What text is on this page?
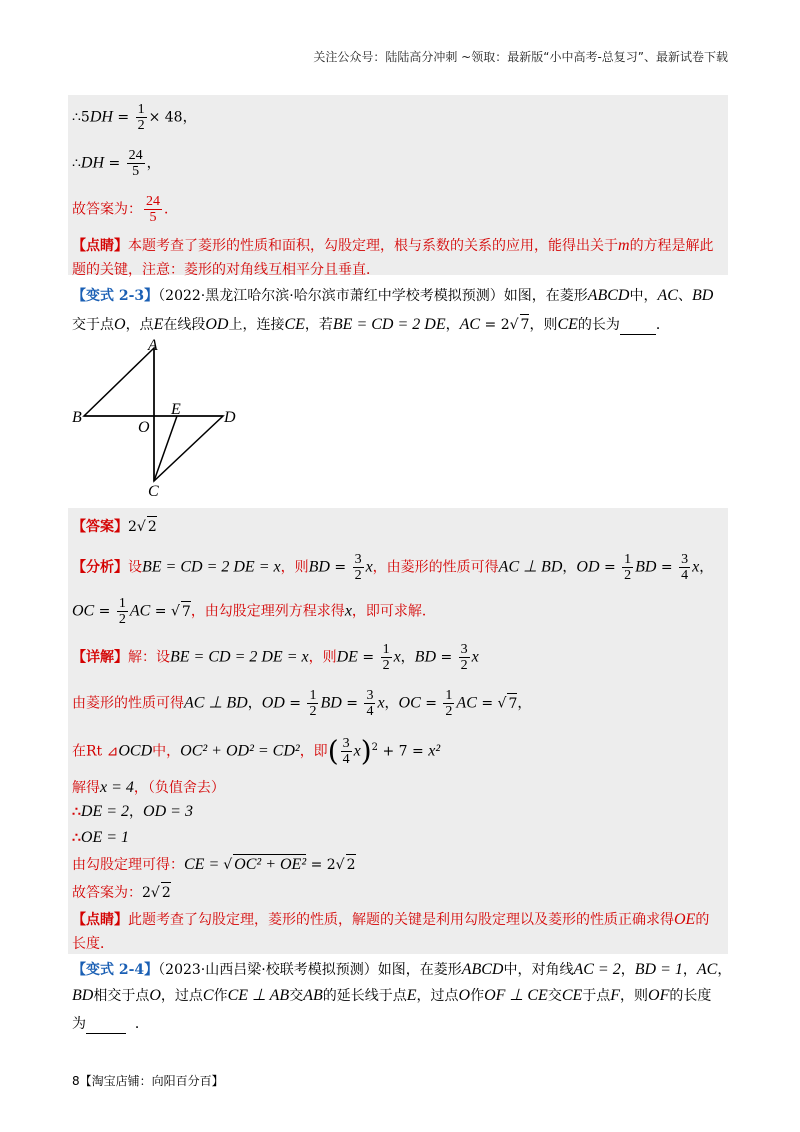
关注公众号：陆陆高分冲刺 ~领取：最新版“小中高考-总复习”、最新试卷下载
∴5DH = $\frac{1}{2} \times 48$，
∴DH = $\frac{24}{5}$ ，
故答案为： $\frac{24}{5}$ ．
【点睛】本题考查了菱形的性质和面积，勾股定理，根与系数的关系的应用，能得出关于m的方程是解此
题的关键，注意：菱形的对角线互相平分且垂直．
【变式 2-3】（2022·黑龙江哈尔滨·哈尔滨市萧红中学校考模拟预测）如图，在菱形ABCD中，AC、BD
交于点O，点E在线段OD上，连接CE，若BE = CD = 2 DE，AC = 2√ 7，则CE的长为	．
A
B	D
C
O
E
【答案】2√ 2
【分析】设BE = CD = 2 DE = x，则BD = $\frac{3}{2}$ x，由菱形的性质可得AC ⊥ BD，OD = $\frac{1}{2}$ BD = $\frac{3}{4}$ x，
OC = $\frac{1}{2}$ AC = √ 7，由勾股定理列方程求得x，即可求解．
【详解】解：设BE = CD = 2 DE = x，则DE = $\frac{1}{2}$ x，BD = $\frac{3}{2}$ x
由菱形的性质可得AC ⊥ BD，OD = $\frac{1}{2}$ BD = $\frac{3}{4}$ x，OC = $\frac{1}{2}$ AC = √ 7，
在Rt ⊿OCD中，OC² + OD² = CD²，即( $\frac{3}{4} x)^2 + 7 = x^2$
解得x = 4，（负值舍去）
∴DE = 2，OD = 3
∴OE = 1
由勾股定理可得：CE = √ OC² + OE² = 2√ 2
故答案为：2√ 2
【点睛】此题考查了勾股定理，菱形的性质，解题的关键是利用勾股定理以及菱形的性质正确求得OE的
长度．
【变式 2-4】（2023·山西吕梁·校联考模拟预测）如图，在菱形ABCD中，对角线AC = 2，BD = 1，AC，
BD相交于点O，过点C作CE ⊥ AB交AB的延长线于点E，过点O作OF ⊥ CE交CE于点F，则OF的长度
为	．
8【淘宝店铺：向阳百分百】
